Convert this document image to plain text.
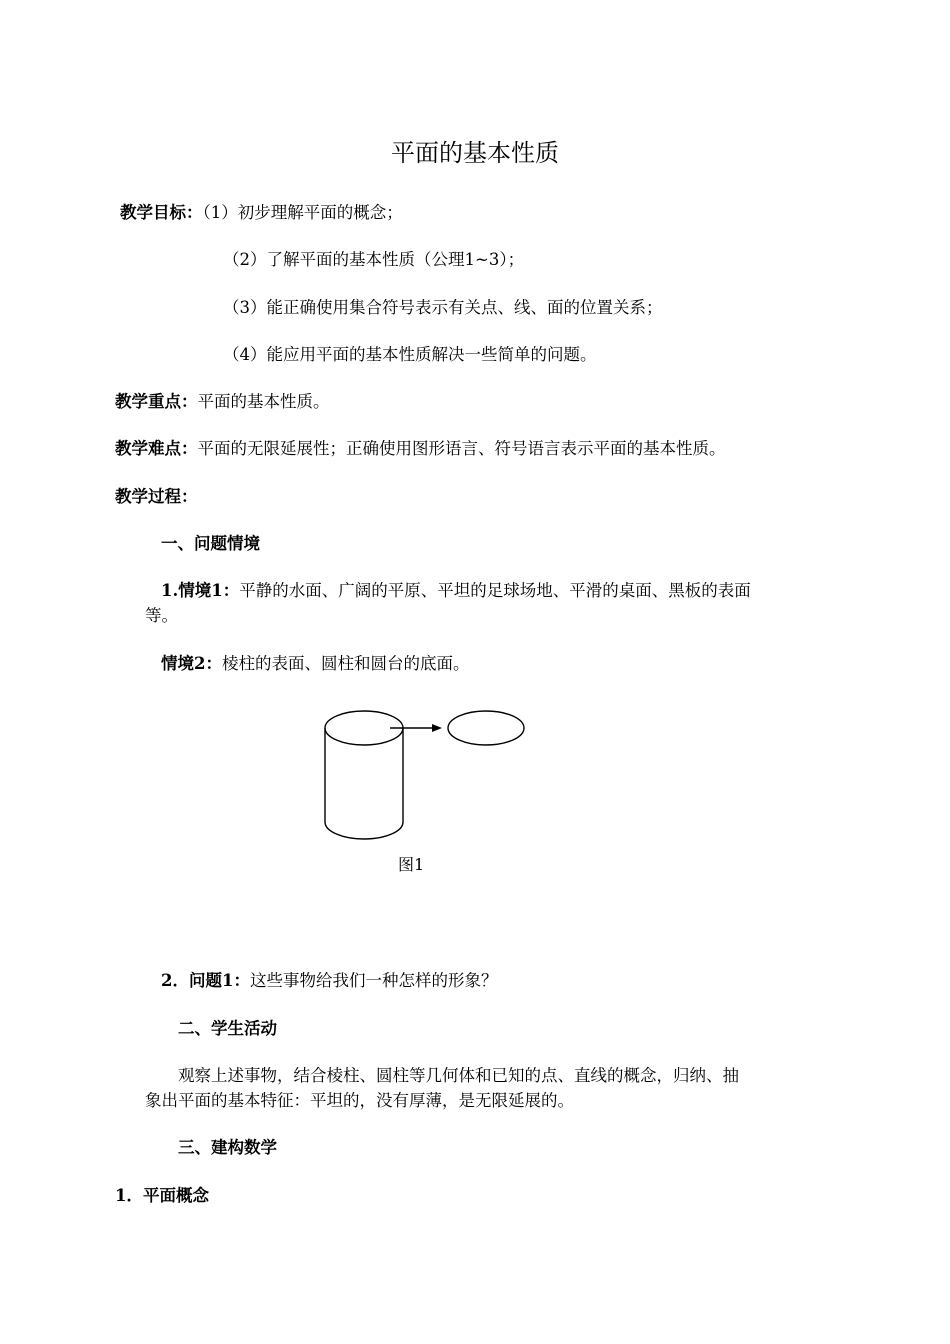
平面的基本性质
教学目标：（1）初步理解平面的概念；
（2）了解平面的基本性质（公理1~3）；
（3）能正确使用集合符号表示有关点、线、面的位置关系；
（4）能应用平面的基本性质解决一些简单的问题。
教学重点：平面的基本性质。
教学难点：平面的无限延展性；正确使用图形语言、符号语言表示平面的基本性质。
教学过程：
一、问题情境
1.情境1：平静的水面、广阔的平原、平坦的足球场地、平滑的桌面、黑板的表面
等。
情境2：棱柱的表面、圆柱和圆台的底面。
图1
2．问题1：这些事物给我们一种怎样的形象？
二、学生活动
观察上述事物，结合棱柱、圆柱等几何体和已知的点、直线的概念，归纳、抽
象出平面的基本特征：平坦的，没有厚薄，是无限延展的。
三、建构数学
1．平面概念
